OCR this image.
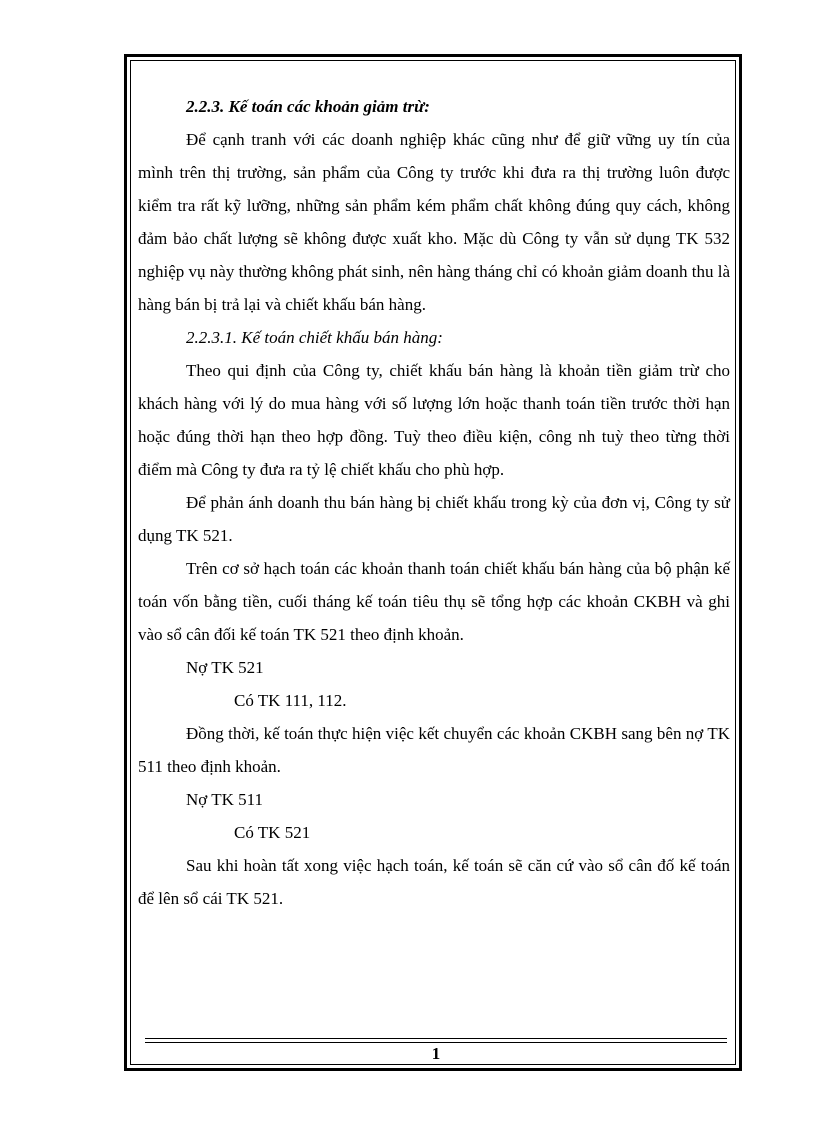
2.2.3. Kế toán các khoản giảm trừ:

Để cạnh tranh với các doanh nghiệp khác cũng như để giữ vững uy tín của mình trên thị trường, sản phẩm của Công ty trước khi đưa ra thị trường luôn được kiểm tra rất kỹ lưỡng, những sản phẩm kém phẩm chất không đúng quy cách, không đảm bảo chất lượng sẽ không được xuất kho. Mặc dù Công ty vẫn sử dụng TK 532 nghiệp vụ này thường không phát sinh, nên hàng tháng chỉ có khoản giảm doanh thu là hàng bán bị trả lại và chiết khấu bán hàng.

2.2.3.1. Kế toán chiết khấu bán hàng:

Theo qui định của Công ty, chiết khấu bán hàng là khoản tiền giảm trừ cho khách hàng với lý do mua hàng với số lượng lớn hoặc thanh toán tiền trước thời hạn hoặc đúng thời hạn theo hợp đồng. Tuỳ theo điều kiện, công nh tuỳ theo từng thời điểm mà Công ty đưa ra tỷ lệ chiết khấu cho phù hợp.

Để phản ánh doanh thu bán hàng bị chiết khấu trong kỳ của đơn vị, Công ty sử dụng TK 521.

Trên cơ sở hạch toán các khoản thanh toán chiết khấu bán hàng của bộ phận kế toán vốn bằng tiền, cuối tháng kế toán tiêu thụ sẽ tổng hợp các khoản CKBH và ghi vào sổ cân đối kế toán TK 521 theo định khoản.

Nợ TK 521

Có TK 111, 112.

Đồng thời, kế toán thực hiện việc kết chuyển các khoản CKBH sang bên nợ TK 511 theo định khoản.

Nợ TK 511

Có TK 521

Sau khi hoàn tất xong việc hạch toán, kế toán sẽ căn cứ vào sổ cân đố kế toán để lên sổ cái TK 521.

1
